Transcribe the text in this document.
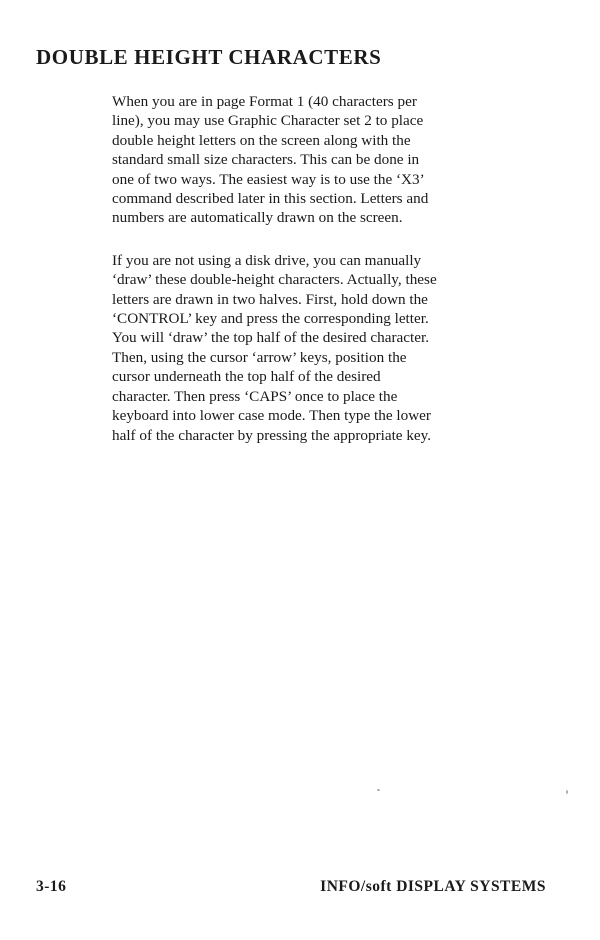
DOUBLE HEIGHT CHARACTERS

When you are in page Format 1 (40 characters per
line), you may use Graphic Character set 2 to place
double height letters on the screen along with the
standard small size characters. This can be done in
one of two ways. The easiest way is to use the ‘X3’
command described later in this section. Letters and
numbers are automatically drawn on the screen.

If you are not using a disk drive, you can manually
‘draw’ these double-height characters. Actually, these
letters are drawn in two halves. First, hold down the
‘CONTROL’ key and press the corresponding letter.
You will ‘draw’ the top half of the desired character.
Then, using the cursor ‘arrow’ keys, position the
cursor underneath the top half of the desired
character. Then press ‘CAPS’ once to place the
keyboard into lower case mode. Then type the lower
half of the character by pressing the appropriate key.

3-16	INFO/soft DISPLAY SYSTEMS
